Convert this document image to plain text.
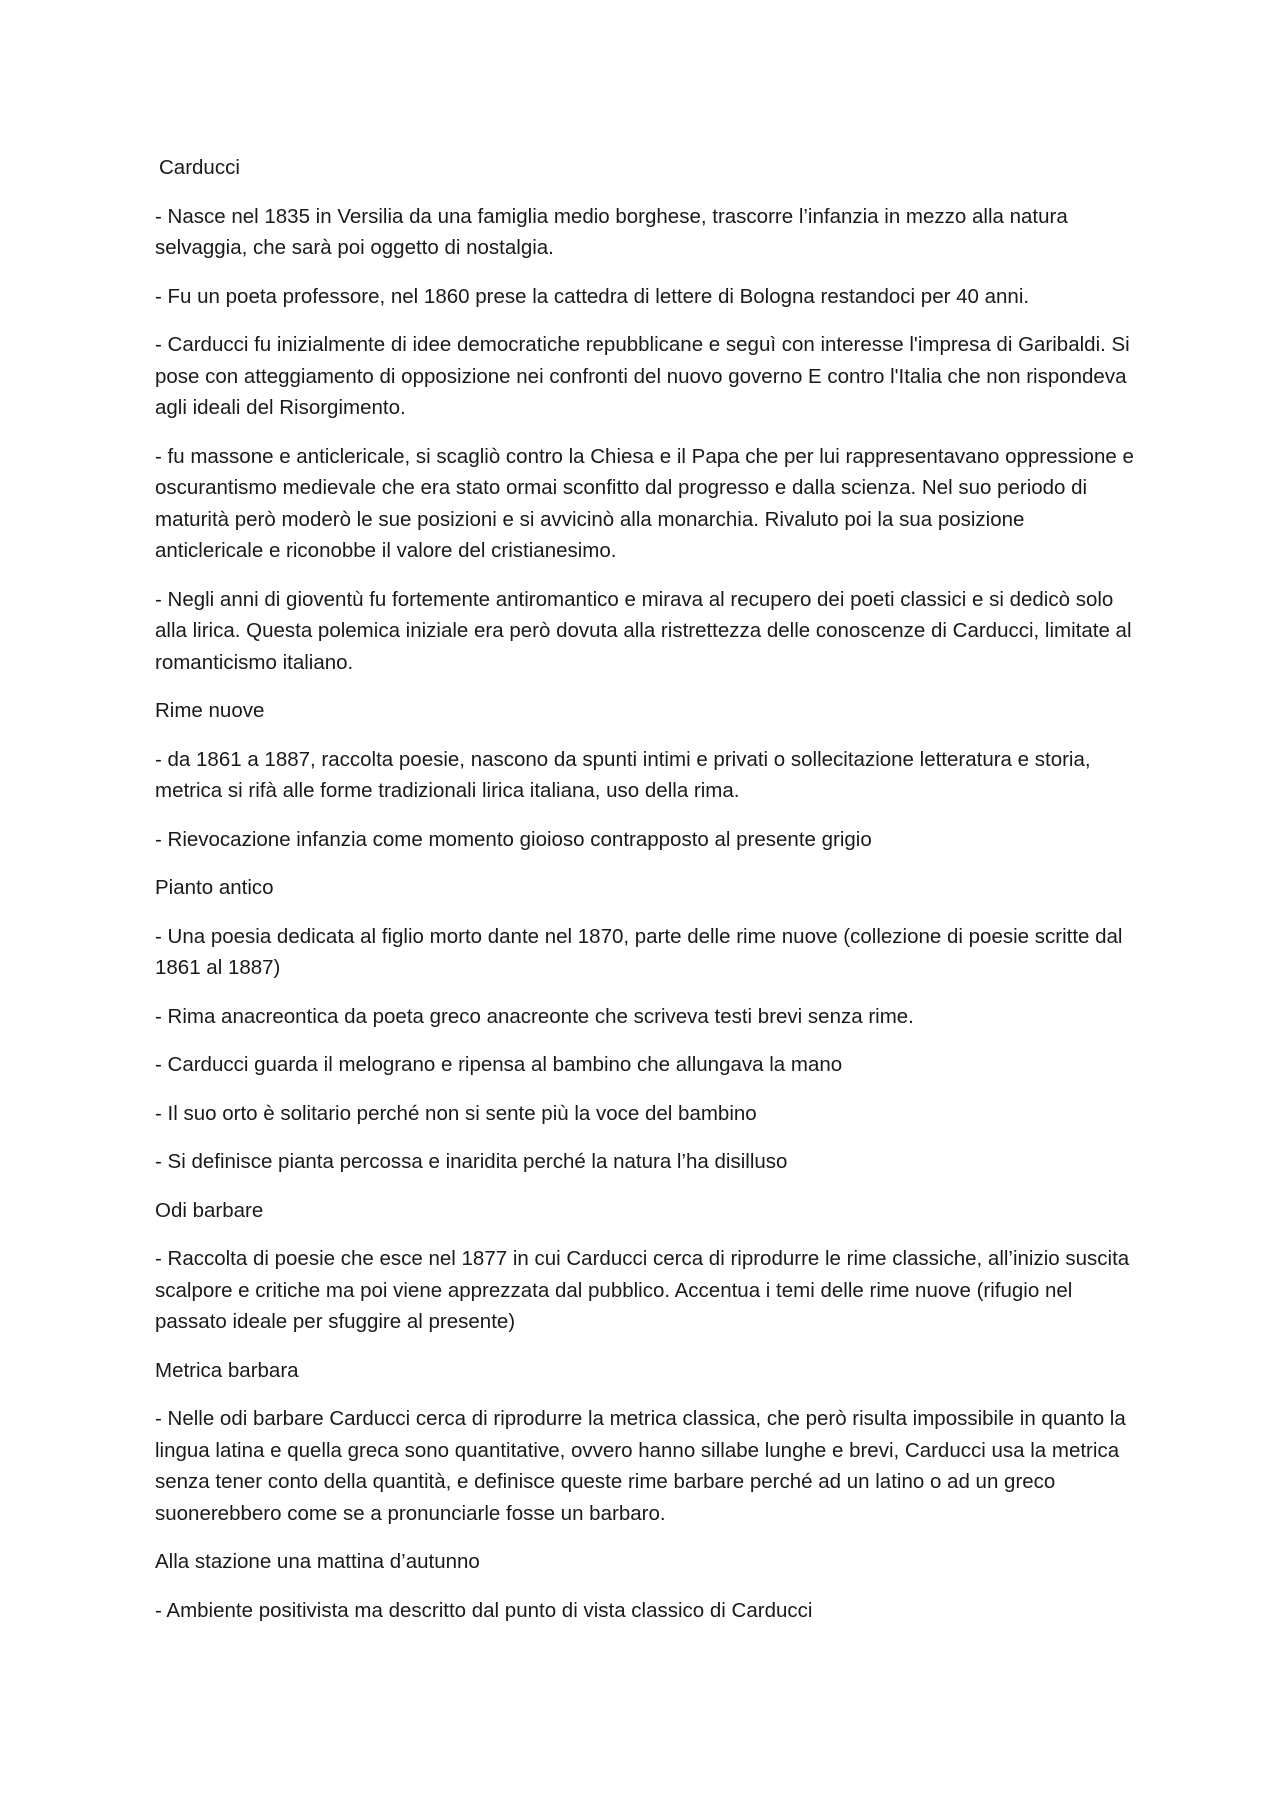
Carducci

- Nasce nel 1835 in Versilia da una famiglia medio borghese, trascorre l’infanzia in mezzo alla natura selvaggia, che sarà poi oggetto di nostalgia.

- Fu un poeta professore, nel 1860 prese la cattedra di lettere di Bologna restandoci per 40 anni.

- Carducci fu inizialmente di idee democratiche repubblicane e seguì con interesse l'impresa di Garibaldi. Si pose con atteggiamento di opposizione nei confronti del nuovo governo E contro l'Italia che non rispondeva agli ideali del Risorgimento.

- fu massone e anticlericale, si scagliò contro la Chiesa e il Papa che per lui rappresentavano oppressione e oscurantismo medievale che era stato ormai sconfitto dal progresso e dalla scienza. Nel suo periodo di maturità però moderò le sue posizioni e si avvicinò alla monarchia. Rivaluto poi la sua posizione anticlericale e riconobbe il valore del cristianesimo.

- Negli anni di gioventù fu fortemente antiromantico e mirava al recupero dei poeti classici e si dedicò solo alla lirica. Questa polemica iniziale era però dovuta alla ristrettezza delle conoscenze di Carducci, limitate al romanticismo italiano.

Rime nuove

- da 1861 a 1887, raccolta poesie, nascono da spunti intimi e privati o sollecitazione letteratura e storia, metrica si rifà alle forme tradizionali lirica italiana, uso della rima.

- Rievocazione infanzia come momento gioioso contrapposto al presente grigio

Pianto antico

- Una poesia dedicata al figlio morto dante nel 1870, parte delle rime nuove (collezione di poesie scritte dal 1861 al 1887)

- Rima anacreontica da poeta greco anacreonte che scriveva testi brevi senza rime.

- Carducci guarda il melograno e ripensa al bambino che allungava la mano

- Il suo orto è solitario perché non si sente più la voce del bambino

- Si definisce pianta percossa e inaridita perché la natura l’ha disilluso

Odi barbare

- Raccolta di poesie che esce nel 1877 in cui Carducci cerca di riprodurre le rime classiche, all’inizio suscita scalpore e critiche ma poi viene apprezzata dal pubblico. Accentua i temi delle rime nuove (rifugio nel passato ideale per sfuggire al presente)

Metrica barbara

- Nelle odi barbare Carducci cerca di riprodurre la metrica classica, che però risulta impossibile in quanto la lingua latina e quella greca sono quantitative, ovvero hanno sillabe lunghe e brevi, Carducci usa la metrica senza tener conto della quantità, e definisce queste rime barbare perché ad un latino o ad un greco suonerebbero come se a pronunciarle fosse un barbaro.

Alla stazione una mattina d’autunno

- Ambiente positivista ma descritto dal punto di vista classico di Carducci
